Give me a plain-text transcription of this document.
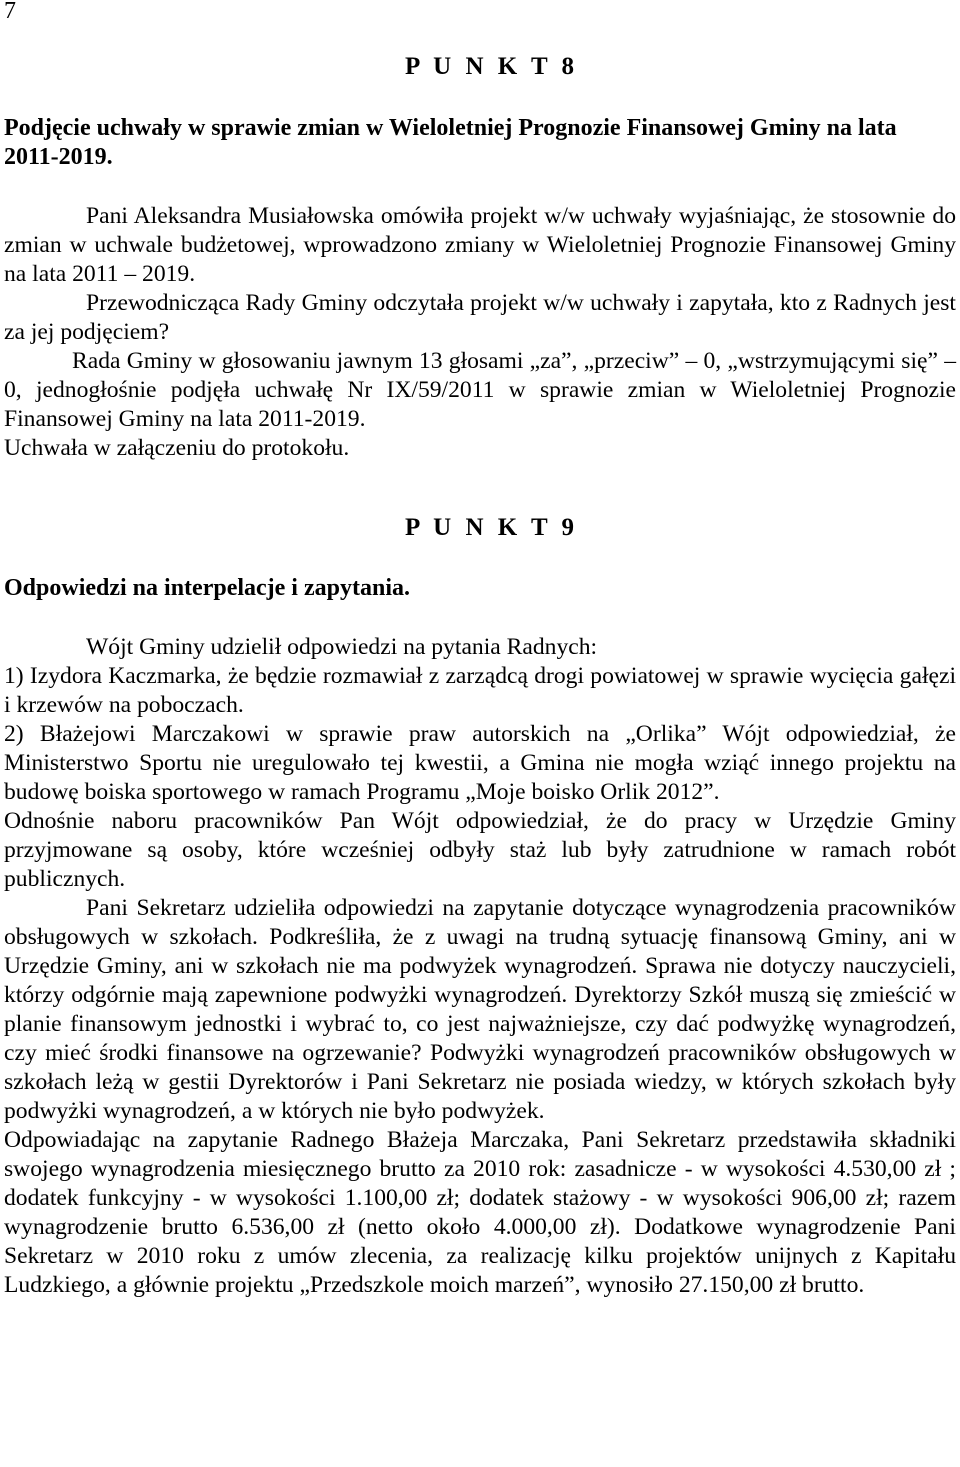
7
P U N K T 8
Podjęcie uchwały w sprawie zmian w Wieloletniej Prognozie Finansowej Gminy na lata 2011-2019.

Pani Aleksandra Musiałowska omówiła projekt w/w uchwały wyjaśniając, że stosownie do zmian w uchwale budżetowej, wprowadzono zmiany w Wieloletniej Prognozie Finansowej Gminy na lata 2011 – 2019.

Przewodnicząca Rady Gminy odczytała projekt w/w uchwały i zapytała, kto z Radnych jest za jej podjęciem?

Rada Gminy w głosowaniu jawnym 13 głosami „za”, „przeciw” – 0, „wstrzymującymi się” – 0, jednogłośnie podjęła uchwałę Nr IX/59/2011 w sprawie zmian w Wieloletniej Prognozie Finansowej Gminy na lata 2011-2019.

Uchwała w załączeniu do protokołu.

P U N K T 9
Odpowiedzi na interpelacje i zapytania.

Wójt Gminy udzielił odpowiedzi na pytania Radnych:

1) Izydora Kaczmarka, że będzie rozmawiał z zarządcą drogi powiatowej w sprawie wycięcia gałęzi i krzewów na poboczach.

2) Błażejowi Marczakowi w sprawie praw autorskich na „Orlika” Wójt odpowiedział, że Ministerstwo Sportu nie uregulowało tej kwestii, a Gmina nie mogła wziąć innego projektu na budowę boiska sportowego w ramach Programu „Moje boisko Orlik 2012”.

Odnośnie naboru pracowników Pan Wójt odpowiedział, że do pracy w Urzędzie Gminy przyjmowane są osoby, które wcześniej odbyły staż lub były zatrudnione w ramach robót publicznych.

Pani Sekretarz udzieliła odpowiedzi na zapytanie dotyczące wynagrodzenia pracowników obsługowych w szkołach. Podkreśliła, że z uwagi na trudną sytuację finansową Gminy, ani w Urzędzie Gminy, ani w szkołach nie ma podwyżek wynagrodzeń. Sprawa nie dotyczy nauczycieli, którzy odgórnie mają zapewnione podwyżki wynagrodzeń. Dyrektorzy Szkół muszą się zmieścić w planie finansowym jednostki i wybrać to, co jest najważniejsze, czy dać podwyżkę wynagrodzeń, czy mieć środki finansowe na ogrzewanie? Podwyżki wynagrodzeń pracowników obsługowych w szkołach leżą w gestii Dyrektorów i Pani Sekretarz nie posiada wiedzy, w których szkołach były podwyżki wynagrodzeń, a w których nie było podwyżek.

Odpowiadając na zapytanie Radnego Błażeja Marczaka, Pani Sekretarz przedstawiła składniki swojego wynagrodzenia miesięcznego brutto za 2010 rok: zasadnicze - w wysokości 4.530,00 zł ; dodatek funkcyjny - w wysokości 1.100,00 zł; dodatek stażowy - w wysokości 906,00 zł; razem wynagrodzenie brutto 6.536,00 zł (netto około 4.000,00 zł). Dodatkowe wynagrodzenie Pani Sekretarz w 2010 roku z umów zlecenia, za realizację kilku projektów unijnych z Kapitału Ludzkiego, a głównie projektu „Przedszkole moich marzeń”, wynosiło 27.150,00 zł brutto.
